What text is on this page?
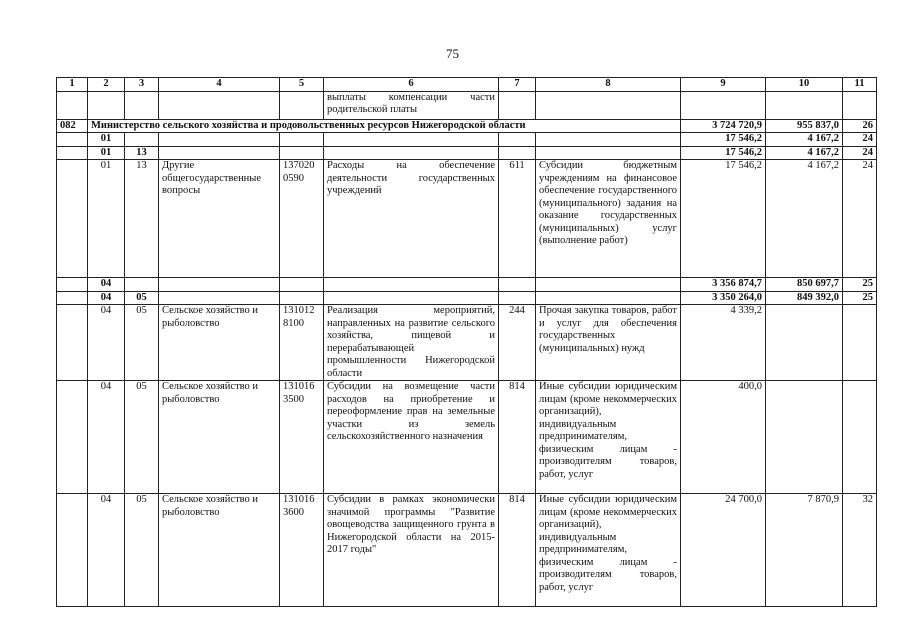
75
1	2	3	4	5	6	7	8	9	10	11
					выплаты компенсации части родительской платы					
082	Министерство сельского хозяйства и продовольственных ресурсов Нижегородской области							3 724 720,9	955 837,0	26
	01							17 546,2	4 167,2	24
	01	13						17 546,2	4 167,2	24
	01	13	Другие общегосударственные вопросы	137020 0590	Расходы на обеспечение деятельности государственных учреждений	611	Субсидии бюджетным учреждениям на финансовое обеспечение государственного (муниципального) задания на оказание государственных (муниципальных) услуг (выполнение работ)	17 546,2	4 167,2	24
	04							3 356 874,7	850 697,7	25
	04	05						3 350 264,0	849 392,0	25
	04	05	Сельское хозяйство и рыболовство	131012 8100	Реализация мероприятий, направленных на развитие сельского хозяйства, пищевой и перерабатывающей промышленности Нижегородской области	244	Прочая закупка товаров, работ и услуг для обеспечения государственных (муниципальных) нужд	4 339,2		
	04	05	Сельское хозяйство и рыболовство	131016 3500	Субсидии на возмещение части расходов на приобретение и переоформление прав на земельные участки из земель сельскохозяйственного назначения	814	Иные субсидии юридическим лицам (кроме некоммерческих организаций), индивидуальным предпринимателям, физическим лицам - производителям товаров, работ, услуг	400,0		
	04	05	Сельское хозяйство и рыболовство	131016 3600	Субсидии в рамках экономически значимой программы "Развитие овощеводства защищенного грунта в Нижегородской области на 2015-2017 годы"	814	Иные субсидии юридическим лицам (кроме некоммерческих организаций), индивидуальным предпринимателям, физическим лицам - производителям товаров, работ, услуг	24 700,0	7 870,9	32
